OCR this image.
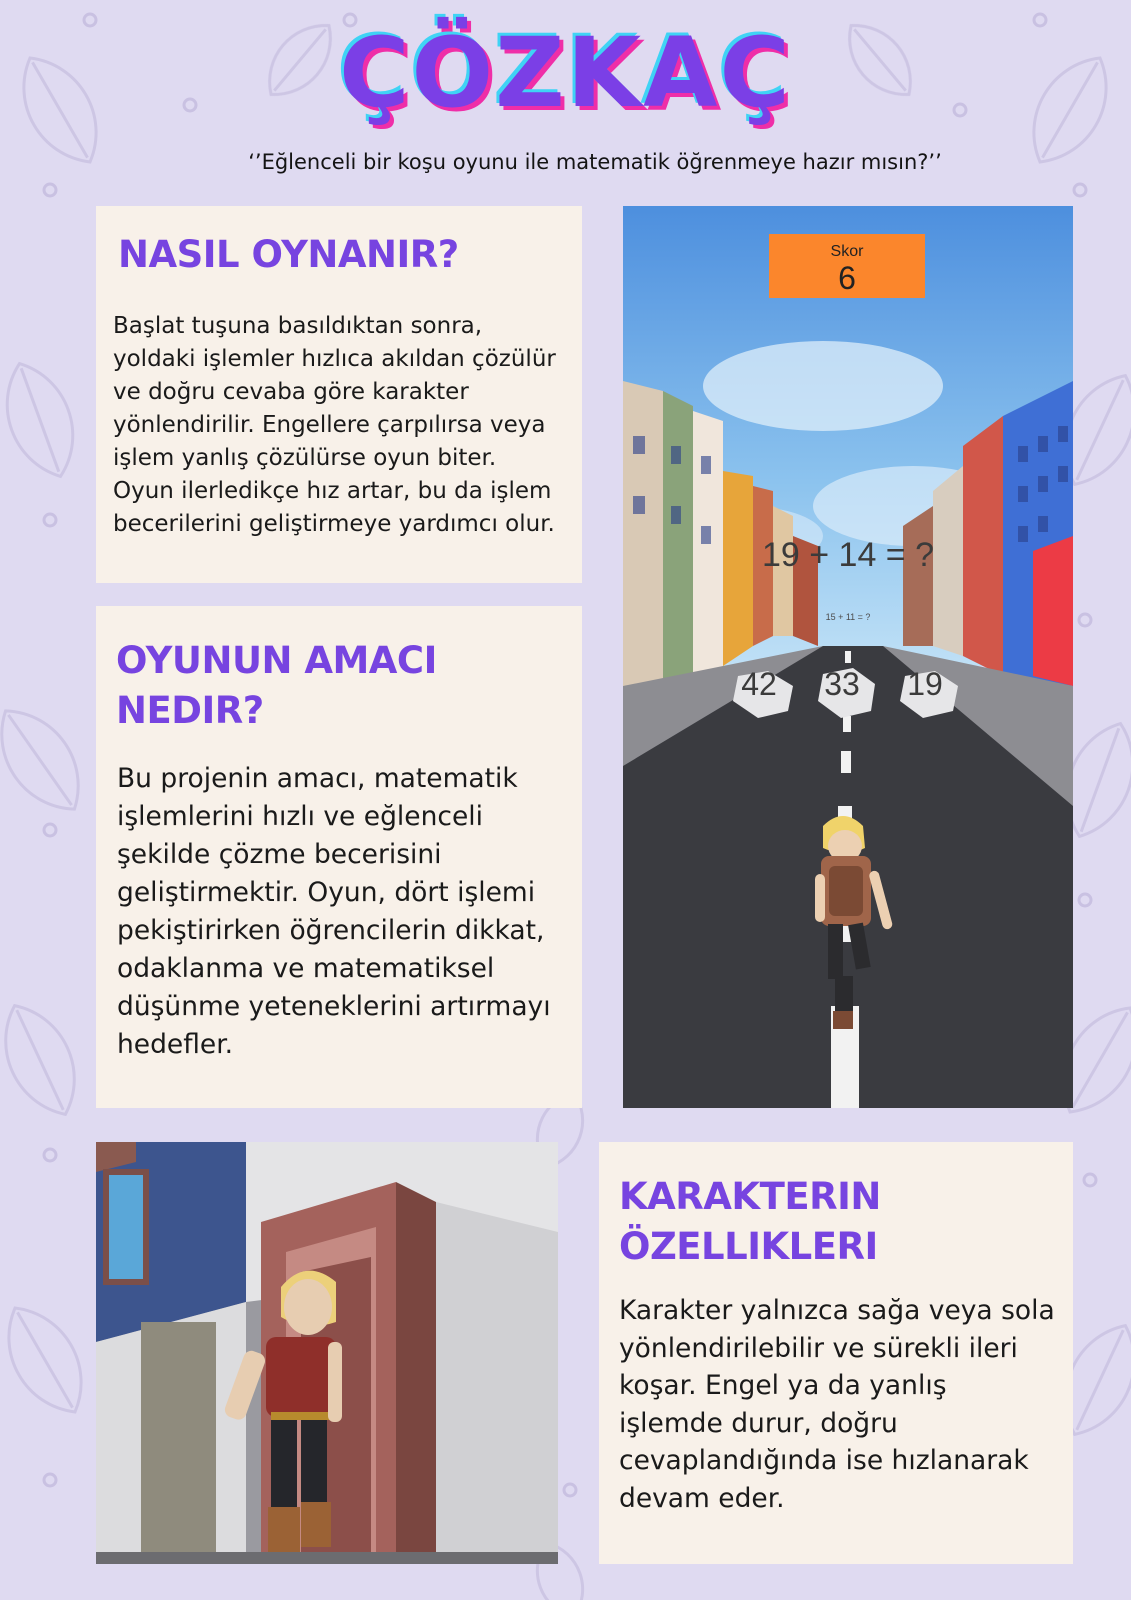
ÇÖZKAÇ
‘’Eğlenceli bir koşu oyunu ile matematik öğrenmeye hazır mısın?’’
NASIL OYNANIR?

Başlat tuşuna basıldıktan sonra,
yoldaki işlemler hızlıca akıldan çözülür
ve doğru cevaba göre karakter
yönlendirilir. Engellere çarpılırsa veya
işlem yanlış çözülürse oyun biter.
Oyun ilerledikçe hız artar, bu da işlem
becerilerini geliştirmeye yardımcı olur.

Skor
6
19 + 14 = ?
15 + 11 = ?
42	33	19
OYUNUN AMACI
NEDIR?

Bu projenin amacı, matematik
işlemlerini hızlı ve eğlenceli
şekilde çözme becerisini
geliştirmektir. Oyun, dört işlemi
pekiştirirken öğrencilerin dikkat,
odaklanma ve matematiksel
düşünme yeteneklerini artırmayı
hedefler.

KARAKTERIN
ÖZELLIKLERI

Karakter yalnızca sağa veya sola
yönlendirilebilir ve sürekli ileri
koşar. Engel ya da yanlış
işlemde durur, doğru
cevaplandığında ise hızlanarak
devam eder.
